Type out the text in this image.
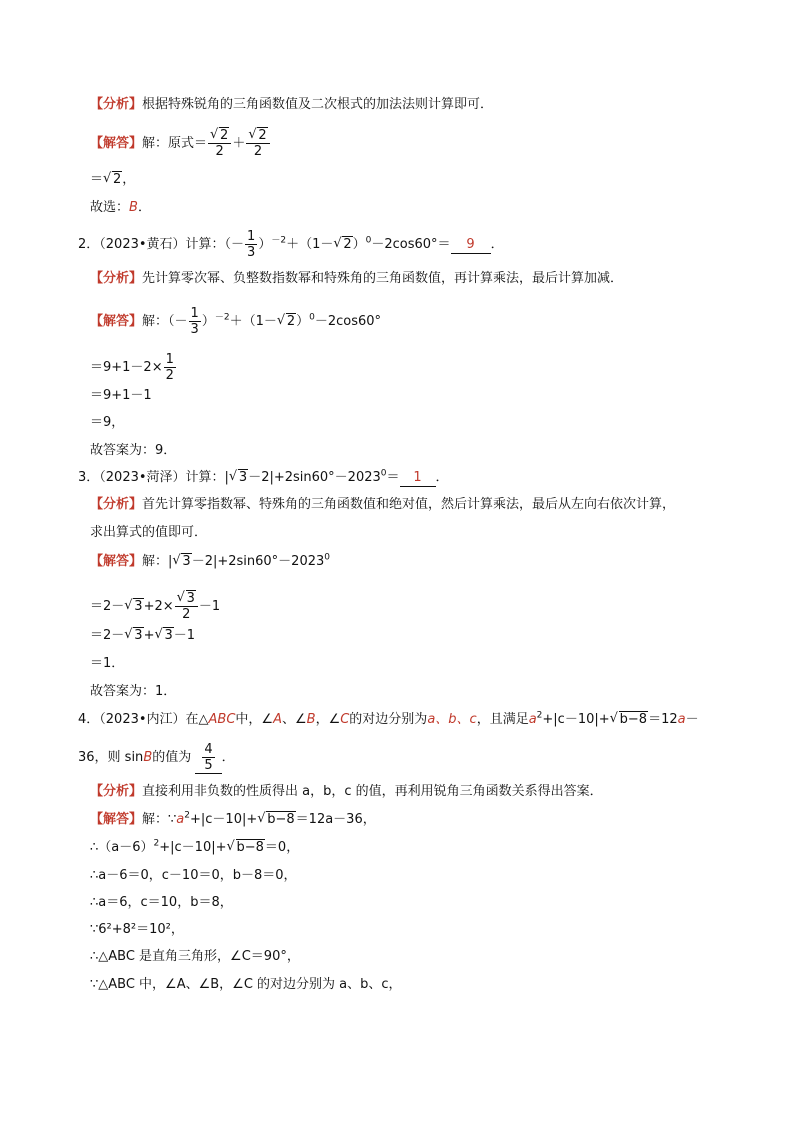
【分析】根据特殊锐角的三角函数值及二次根式的加法法则计算即可．
【解答】解：原式＝
√ $\frac{2}{2}$ ＋
√ $\frac{2}{2}$
＝√ 2，
故选：B．
2．（2023•黄石）计算：（－ $\frac{1}{3} )^{-2}+(1-√$ 2）$^0$－2cos60°＝ 9 ．
【分析】先计算零次幂、负整数指数幂和特殊角的三角函数值，再计算乘法，最后计算加减．
【解答】解：（－ $\frac{1}{3} )^{-2}+(1-√$ 2）$^0$－2cos60°
$=9+1-2\times \frac{1}{2}$
＝9+1－1
＝9，
故答案为：9．
3．（2023•菏泽）计算：|√ $3-2|+2\sin 60^\circ-2023^0= 1$ ．
【分析】首先计算零指数幂、特殊角的三角函数值和绝对值，然后计算乘法，最后从左向右依次计算，
求出算式的值即可．
【解答】解：|√ $3-2|+2\sin 60^\circ-2023^0$
＝2－√ 3+2×
√ $\frac{3}{2} -1$
＝2－√ 3+√ 3－1
＝1．
故答案为：1．
4．（2023•内江）在△ABC中，∠A、∠B，∠C的对边分别为a、b、c，且满足$a^2+|c-10|+√$ b−8＝12a－
36，则 sinB的值为 $\frac{4}{5}$ ．
【分析】直接利用非负数的性质得出 a，b，c 的值，再利用锐角三角函数关系得出答案．
【解答】解：$\because a^2+|c-10|+√$ b−8＝12a－36，
$\therefore(a-6)^2+|c-10|+√$ b−8＝0，
∴a－6＝0，c－10＝0，b－8＝0，
∴a＝6，c＝10，b＝8，
∵6²+8²＝10²，
∴△ABC 是直角三角形，∠C＝90°，
∵△ABC 中，∠A、∠B，∠C 的对边分别为 a、b、c，
